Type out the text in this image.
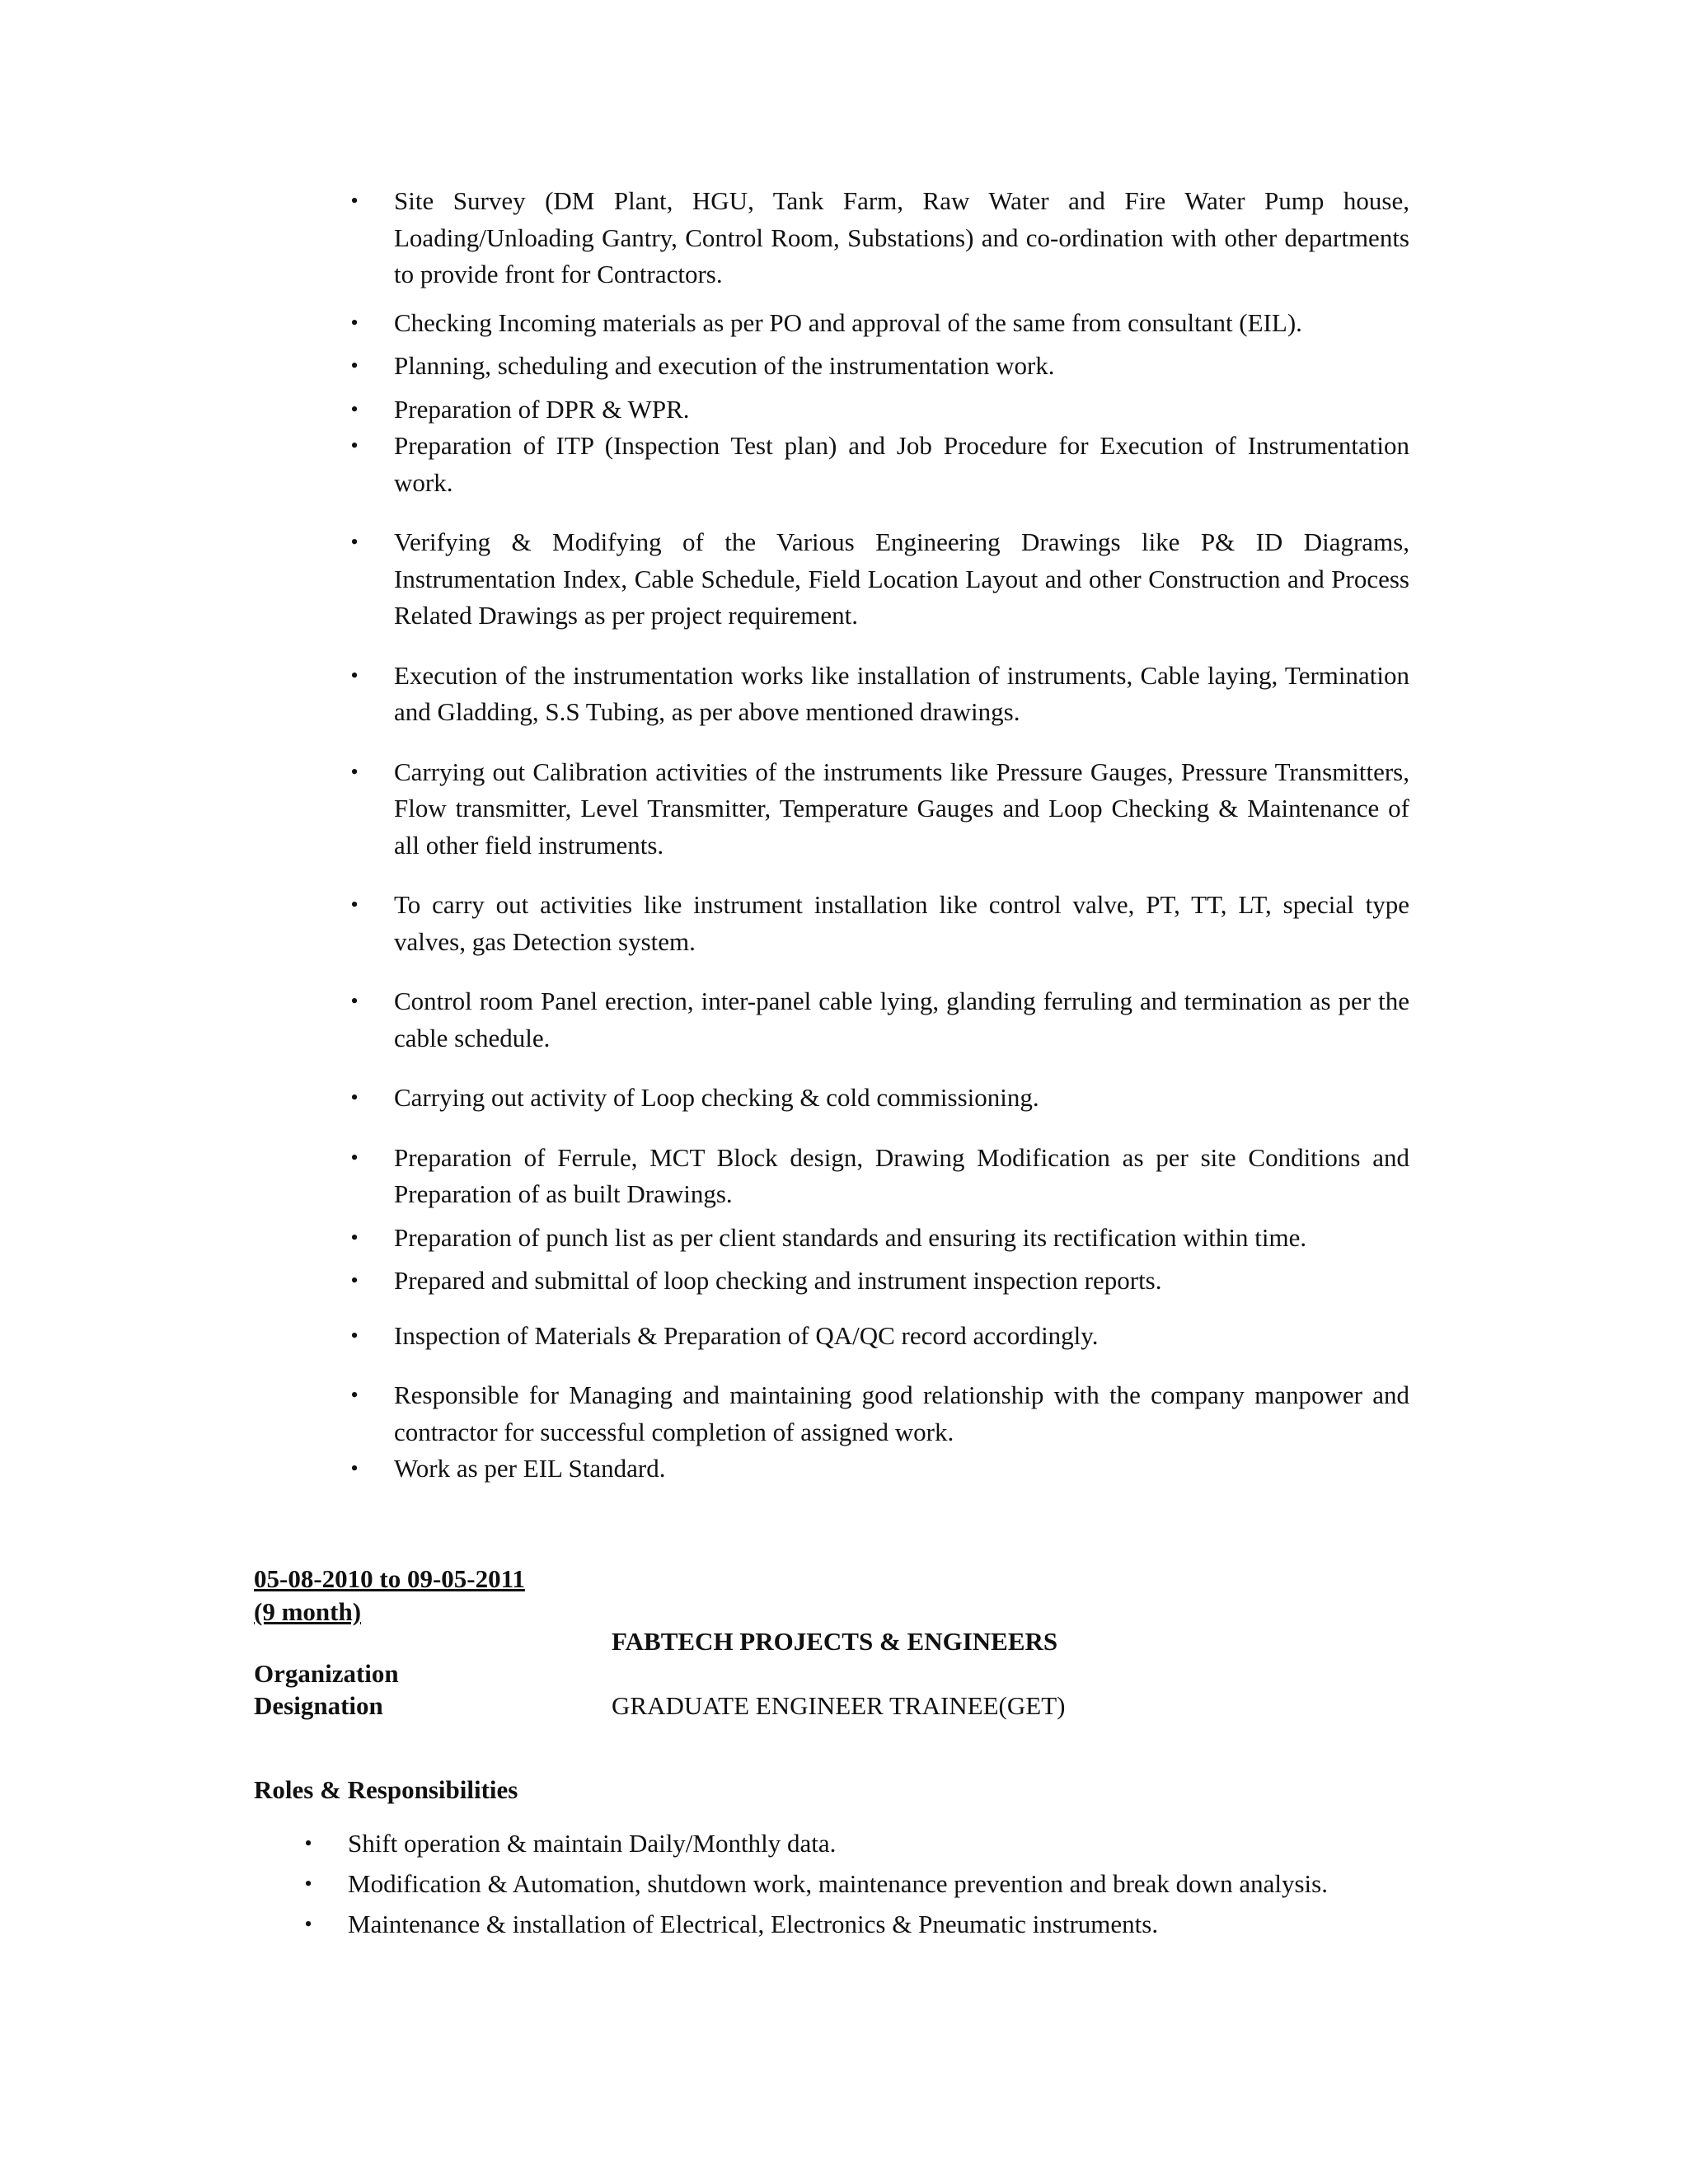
• Site Survey (DM Plant, HGU, Tank Farm, Raw Water and Fire Water Pump house, Loading/Unloading Gantry, Control Room, Substations) and co-ordination with other departments to provide front for Contractors.
• Checking Incoming materials as per PO and approval of the same from consultant (EIL).
• Planning, scheduling and execution of the instrumentation work.
• Preparation of DPR & WPR.
• Preparation of ITP (Inspection Test plan) and Job Procedure for Execution of Instrumentation work.
• Verifying & Modifying of the Various Engineering Drawings like P& ID Diagrams, Instrumentation Index, Cable Schedule, Field Location Layout and other Construction and Process Related Drawings as per project requirement.
• Execution of the instrumentation works like installation of instruments, Cable laying, Termination and Gladding, S.S Tubing, as per above mentioned drawings.
• Carrying out Calibration activities of the instruments like Pressure Gauges, Pressure Transmitters, Flow transmitter, Level Transmitter, Temperature Gauges and Loop Checking & Maintenance of all other field instruments.
• To carry out activities like instrument installation like control valve, PT, TT, LT, special type valves, gas Detection system.
• Control room Panel erection, inter-panel cable lying, glanding ferruling and termination as per the cable schedule.
• Carrying out activity of Loop checking & cold commissioning.
• Preparation of Ferrule, MCT Block design, Drawing Modification as per site Conditions and Preparation of as built Drawings.
• Preparation of punch list as per client standards and ensuring its rectification within time.
• Prepared and submittal of loop checking and instrument inspection reports.
• Inspection of Materials & Preparation of QA/QC record accordingly.
• Responsible for Managing and maintaining good relationship with the company manpower and contractor for successful completion of assigned work.
• Work as per EIL Standard.
05-08-2010 to 09-05-2011
(9 month)
FABTECH PROJECTS & ENGINEERS
Organization
Designation	GRADUATE ENGINEER TRAINEE(GET)
Roles & Responsibilities
• Shift operation & maintain Daily/Monthly data.
• Modification & Automation, shutdown work, maintenance prevention and break down analysis.
• Maintenance & installation of Electrical, Electronics & Pneumatic instruments.
